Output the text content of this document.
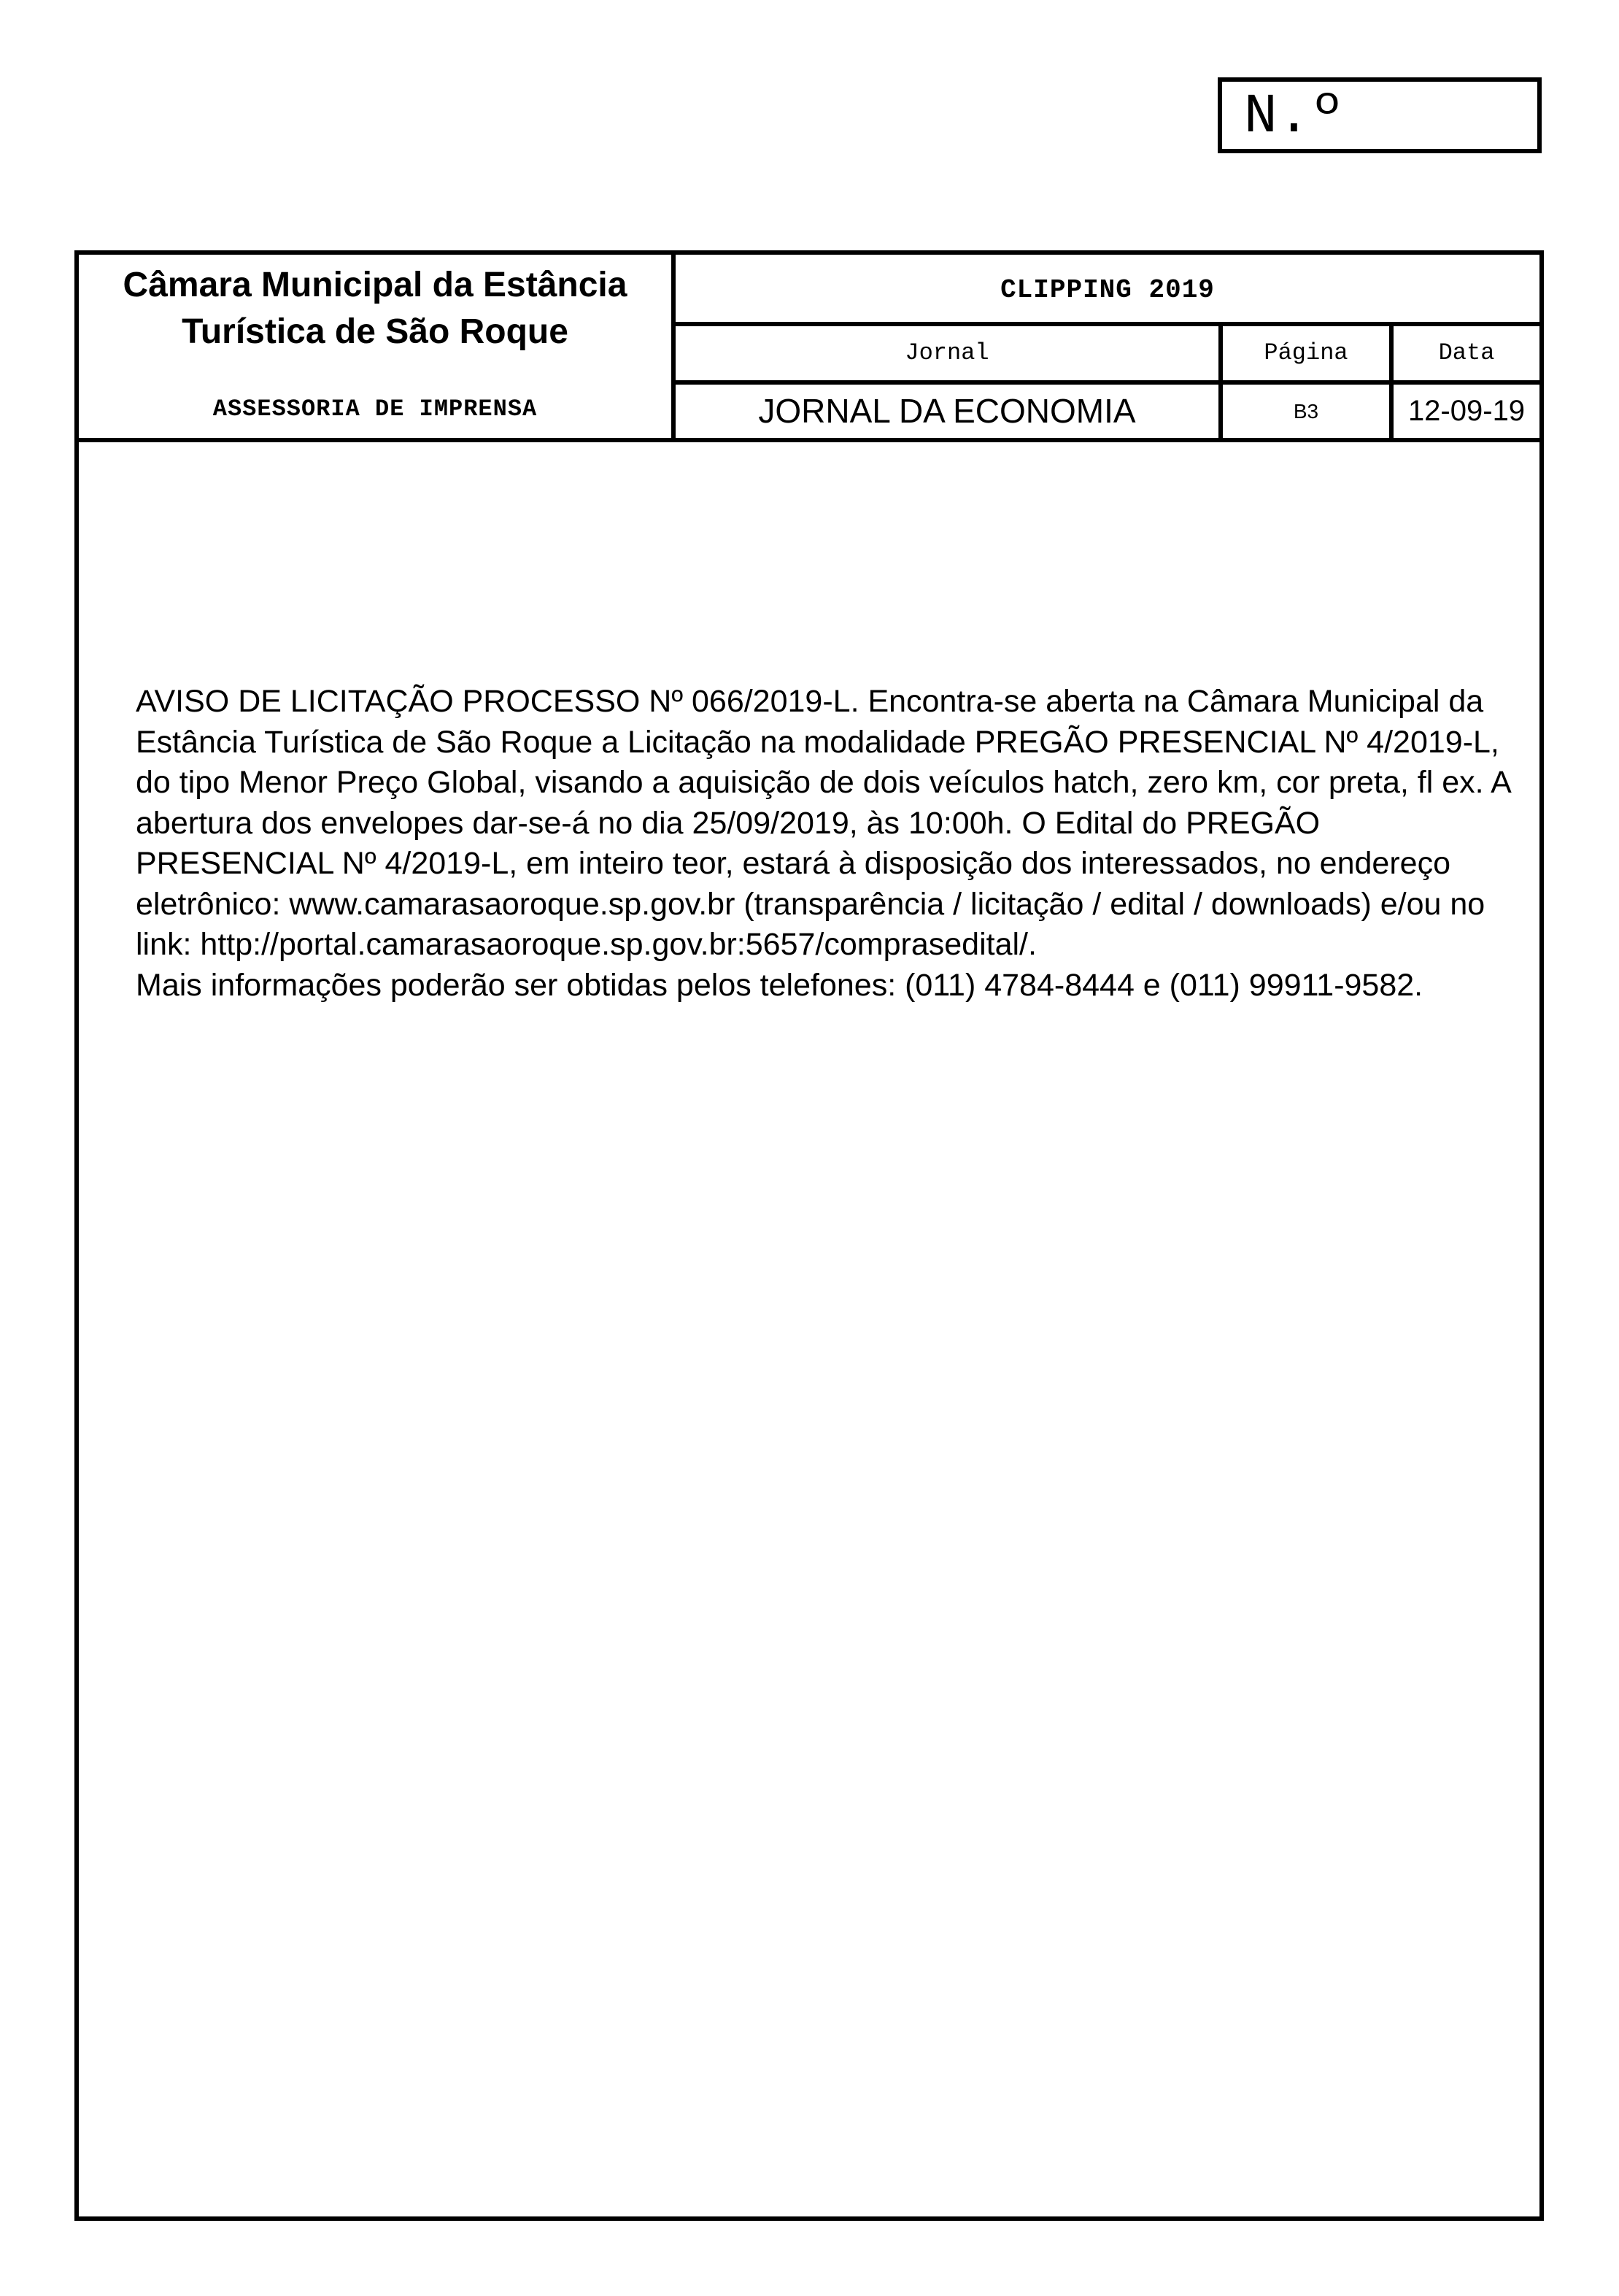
N.º
Câmara Municipal da Estância Turística de São Roque
ASSESSORIA DE IMPRENSA
CLIPPING 2019
Jornal	Página	Data
JORNAL DA ECONOMIA	B3	12-09-19

AVISO DE LICITAÇÃO PROCESSO Nº 066/2019-L. Encontra-se aberta na Câmara Municipal da Estância Turística de São Roque a Licitação na modalidade PREGÃO PRESENCIAL Nº 4/2019-L, do tipo Menor Preço Global, visando a aquisição de dois veículos hatch, zero km, cor preta, fl ex. A abertura dos envelopes dar-se-á no dia 25/09/2019, às 10:00h. O Edital do PREGÃO PRESENCIAL Nº 4/2019-L, em inteiro teor, estará à disposição dos interessados, no endereço eletrônico: www.camarasaoroque.sp.gov.br (transparência / licitação / edital / downloads) e/ou no link: http://portal.camarasaoroque.sp.gov.br:5657/comprasedital/.

Mais informações poderão ser obtidas pelos telefones: (011) 4784-8444 e (011) 99911-9582.
